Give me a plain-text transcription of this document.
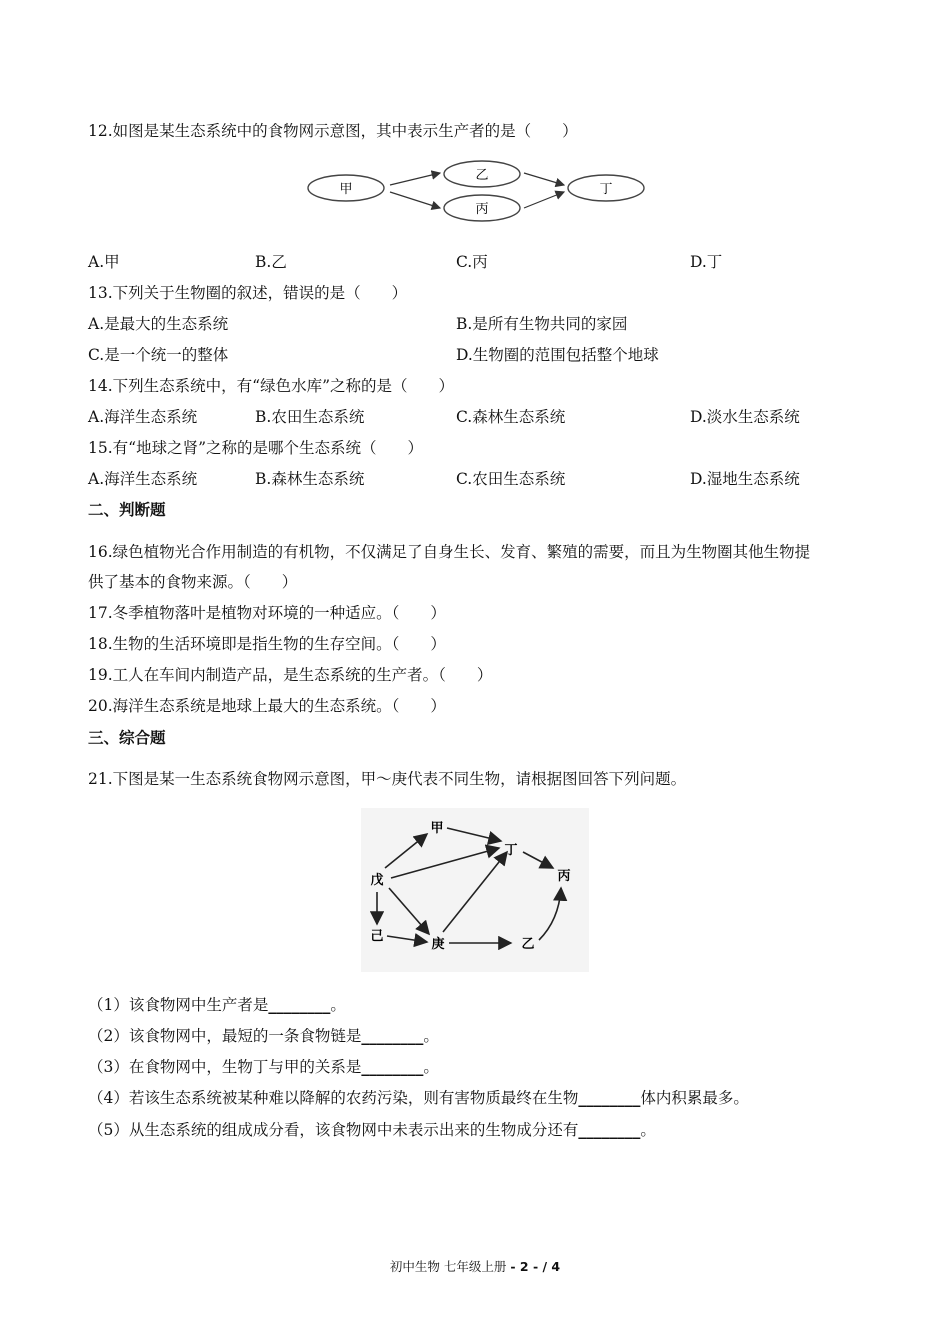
12.如图是某生态系统中的食物网示意图，其中表示生产者的是（　　）
甲
乙
丙
丁
A.甲	B.乙	C.丙	D.丁
13.下列关于生物圈的叙述，错误的是（　　）
A.是最大的生态系统	B.是所有生物共同的家园
C.是一个统一的整体	D.生物圈的范围包括整个地球
14.下列生态系统中，有“绿色水库”之称的是（　　）
A.海洋生态系统	B.农田生态系统	C.森林生态系统	D.淡水生态系统
15.有“地球之肾”之称的是哪个生态系统（　　）
A.海洋生态系统	B.森林生态系统	C.农田生态系统	D.湿地生态系统
二、判断题
16.绿色植物光合作用制造的有机物，不仅满足了自身生长、发育、繁殖的需要，而且为生物圈其他生物提
供了基本的食物来源。（　　）
17.冬季植物落叶是植物对环境的一种适应。（　　）
18.生物的生活环境即是指生物的生存空间。（　　）
19.工人在车间内制造产品，是生态系统的生产者。（　　）
20.海洋生态系统是地球上最大的生态系统。（　　）
三、综合题
21.下图是某一生态系统食物网示意图，甲～庚代表不同生物，请根据图回答下列问题。
甲
丁
丙
戊
己
庚	乙
（1）该食物网中生产者是________。
（2）该食物网中，最短的一条食物链是________。
（3）在食物网中，生物丁与甲的关系是________。
（4）若该生态系统被某种难以降解的农药污染，则有害物质最终在生物________体内积累最多。
（5）从生态系统的组成成分看，该食物网中未表示出来的生物成分还有________。
初中生物 七年级上册 - 2 - / 4
